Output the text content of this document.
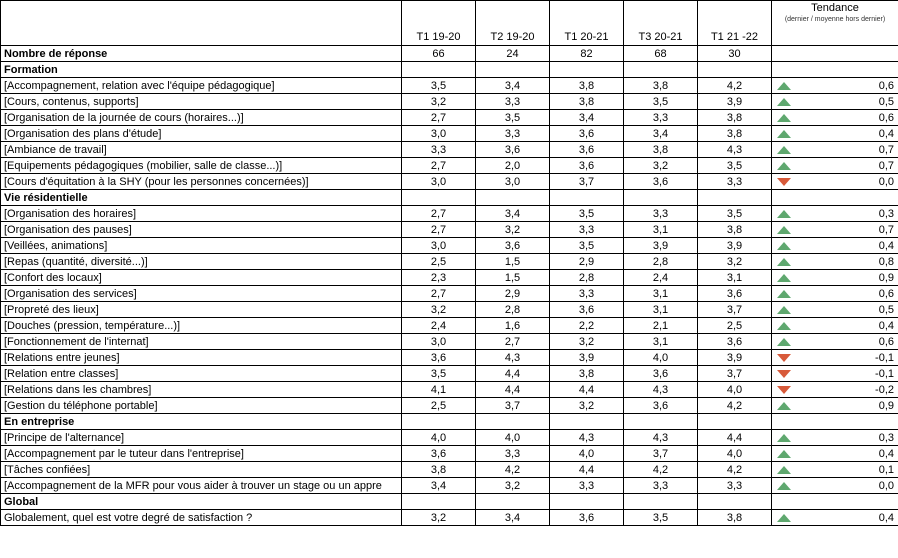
	T1 19-20	T2 19-20	T1 20-21	T3 20-21	T1 21 -22	Tendance
(dernier / moyenne hors dernier)	

Nombre de réponse	66	24	82	68	30		
Formation							
[Accompagnement, relation avec l'équipe pédagogique]	3,5	3,4	3,8	3,8	4,2		0,6
[Cours, contenus, supports]	3,2	3,3	3,8	3,5	3,9		0,5
[Organisation de la journée de cours (horaires...)]	2,7	3,5	3,4	3,3	3,8		0,6
[Organisation des plans d'étude]	3,0	3,3	3,6	3,4	3,8		0,4
[Ambiance de travail]	3,3	3,6	3,6	3,8	4,3		0,7
[Equipements pédagogiques (mobilier, salle de classe...)]	2,7	2,0	3,6	3,2	3,5		0,7
[Cours d'équitation à la SHY (pour les personnes concernées)]	3,0	3,0	3,7	3,6	3,3		0,0
Vie résidentielle							
[Organisation des horaires]	2,7	3,4	3,5	3,3	3,5		0,3
[Organisation des pauses]	2,7	3,2	3,3	3,1	3,8		0,7
[Veillées, animations]	3,0	3,6	3,5	3,9	3,9		0,4
[Repas (quantité, diversité...)]	2,5	1,5	2,9	2,8	3,2		0,8
[Confort des locaux]	2,3	1,5	2,8	2,4	3,1		0,9
[Organisation des services]	2,7	2,9	3,3	3,1	3,6		0,6
[Propreté des lieux]	3,2	2,8	3,6	3,1	3,7		0,5
[Douches (pression, température...)]	2,4	1,6	2,2	2,1	2,5		0,4
[Fonctionnement de l'internat]	3,0	2,7	3,2	3,1	3,6		0,6
[Relations entre jeunes]	3,6	4,3	3,9	4,0	3,9		-0,1
[Relation entre classes]	3,5	4,4	3,8	3,6	3,7		-0,1
[Relations dans les chambres]	4,1	4,4	4,4	4,3	4,0		-0,2
[Gestion du téléphone portable]	2,5	3,7	3,2	3,6	4,2		0,9
En entreprise							
[Principe de l'alternance]	4,0	4,0	4,3	4,3	4,4		0,3
[Accompagnement par le tuteur dans l'entreprise]	3,6	3,3	4,0	3,7	4,0		0,4
[Tâches confiées]	3,8	4,2	4,4	4,2	4,2		0,1
[Accompagnement de la MFR pour vous aider à trouver un stage ou un appre	3,4	3,2	3,3	3,3	3,3		0,0
Global							
Globalement, quel est votre degré de satisfaction ?	3,2	3,4	3,6	3,5	3,8		0,4
